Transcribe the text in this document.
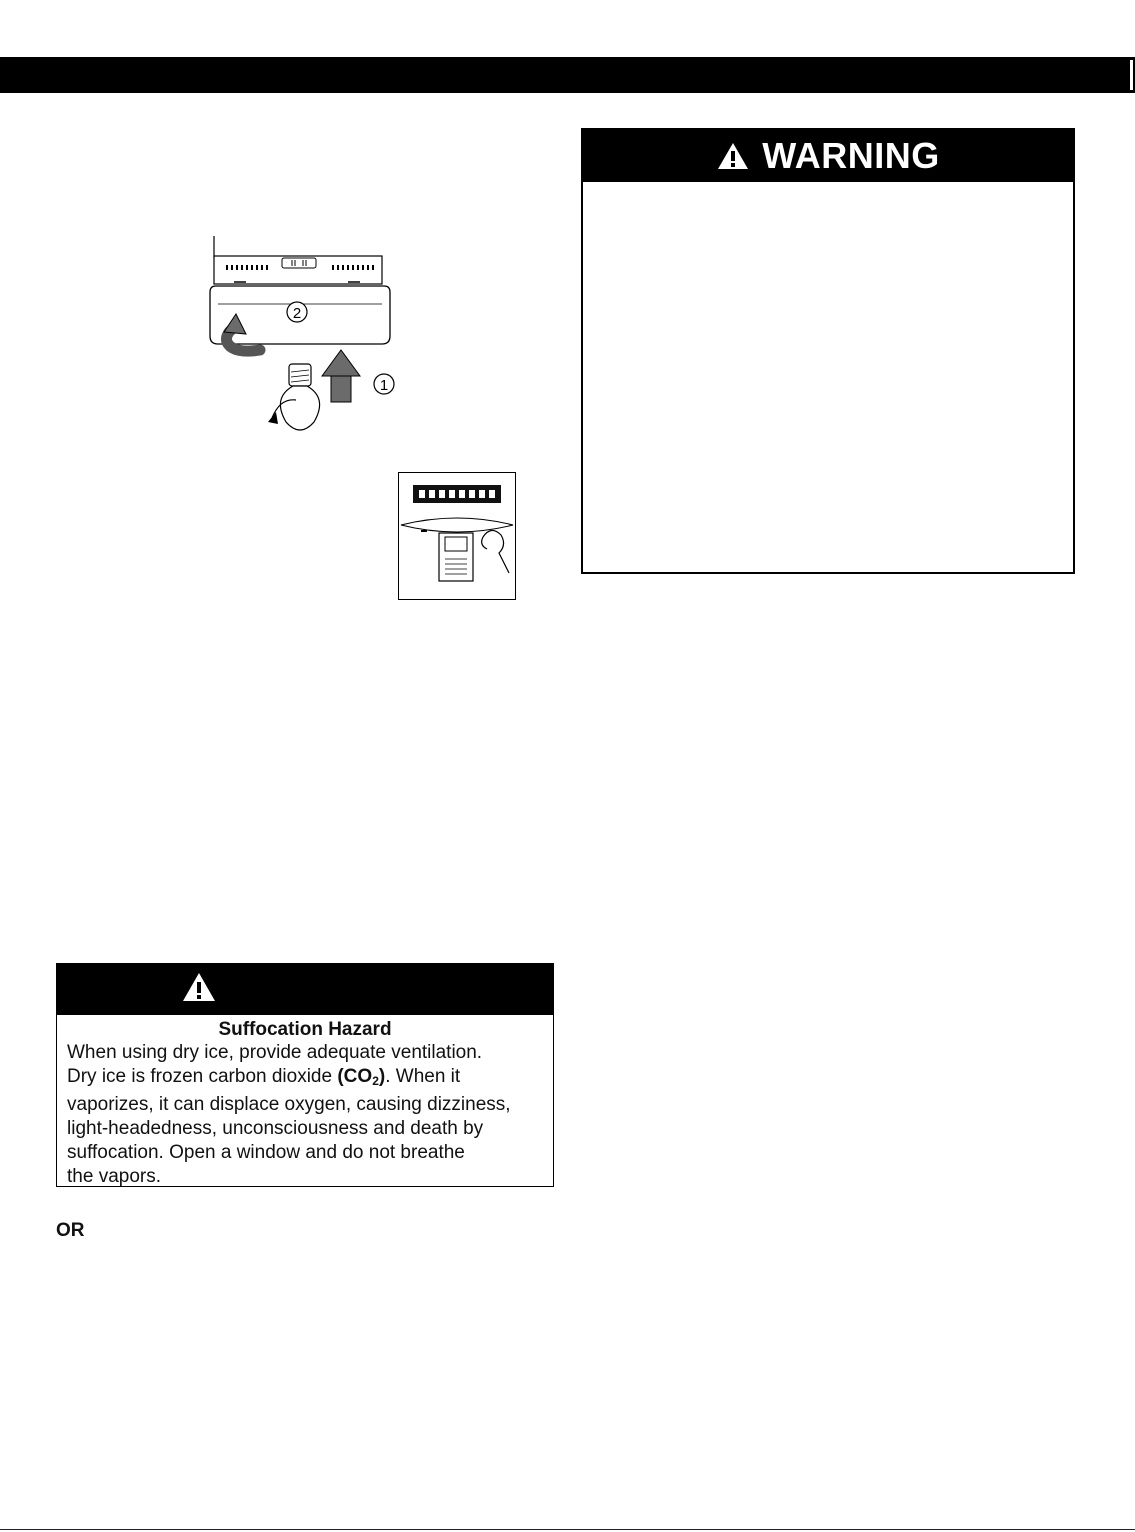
2
1
WARNING
Suffocation Hazard

When using dry ice, provide adequate ventilation.

Dry ice is frozen carbon dioxide $(CO_2)$. When it

vaporizes, it can displace oxygen, causing dizziness,

light-headedness, unconsciousness and death by

suffocation. Open a window and do not breathe

the vapors.

OR
